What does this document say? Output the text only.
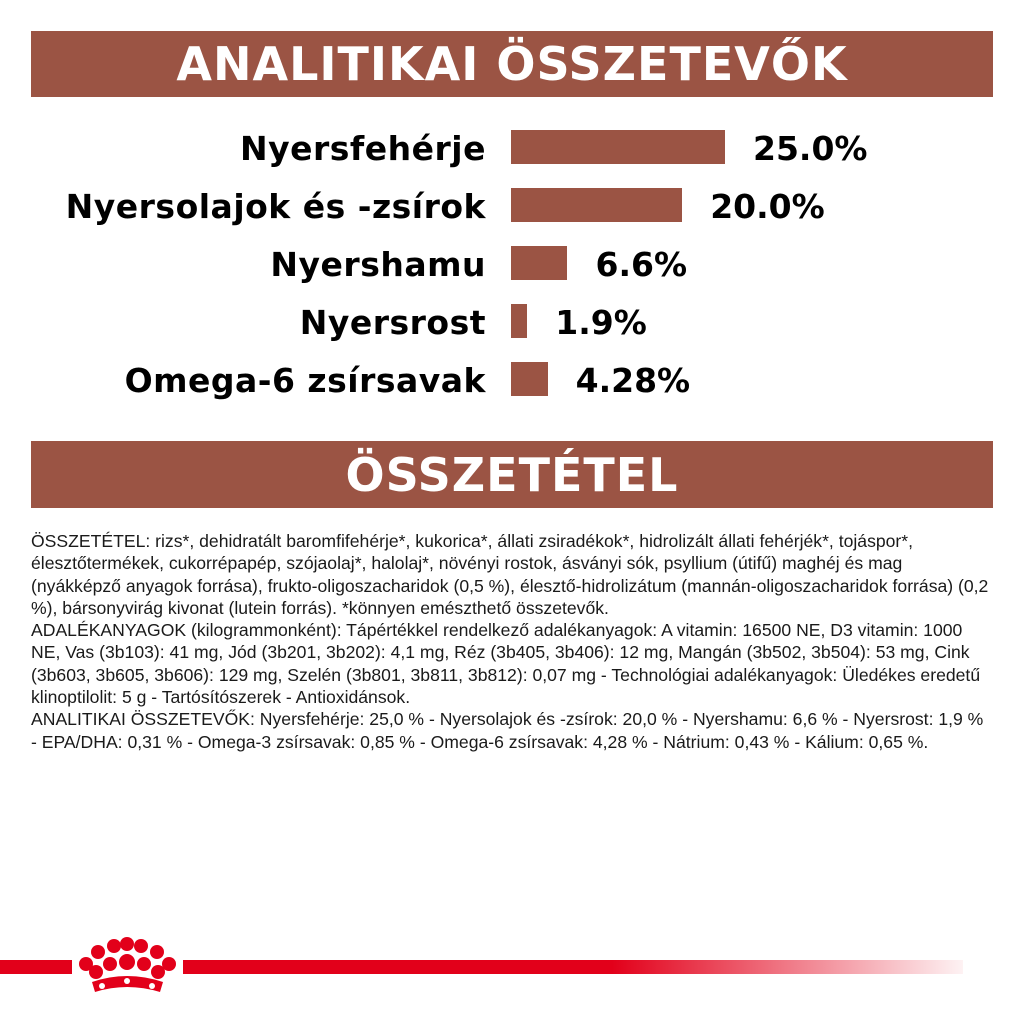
ANALITIKAI ÖSSZETEVŐK
Nyersfehérje	25.0%
Nyersolajok és -zsírok	20.0%
Nyershamu	6.6%
Nyersrost 1.9%
Omega-6 zsírsavak	4.28%
ÖSSZETÉTEL

ÖSSZETÉTEL: rizs*, dehidratált baromfifehérje*, kukorica*, állati zsiradékok*, hidrolizált állati fehérjék*, tojáspor*, élesztőtermékek, cukorrépapép, szójaolaj*, halolaj*, növényi rostok, ásványi sók, psyllium (útifű) maghéj és mag (nyákképző anyagok forrása), frukto-oligoszacharidok (0,5 %), élesztő-hidrolizátum (mannán-oligoszacharidok forrása) (0,2 %), bársonyvirág kivonat (lutein forrás). *könnyen emészthető összetevők.

ADALÉKANYAGOK (kilogrammonként): Tápértékkel rendelkező adalékanyagok: A vitamin: 16500 NE, D3 vitamin: 1000 NE, Vas (3b103): 41 mg, Jód (3b201, 3b202): 4,1 mg, Réz (3b405, 3b406): 12 mg, Mangán (3b502, 3b504): 53 mg, Cink (3b603, 3b605, 3b606): 129 mg, Szelén (3b801, 3b811, 3b812): 0,07 mg - Technológiai adalékanyagok: Üledékes eredetű klinoptilolit: 5 g - Tartósítószerek - Antioxidánsok.

ANALITIKAI ÖSSZETEVŐK: Nyersfehérje: 25,0 % - Nyersolajok és -zsírok: 20,0 % - Nyershamu: 6,6 % - Nyersrost: 1,9 % - EPA/DHA: 0,31 % - Omega-3 zsírsavak: 0,85 % - Omega-6 zsírsavak: 4,28 % - Nátrium: 0,43 % - Kálium: 0,65 %.
